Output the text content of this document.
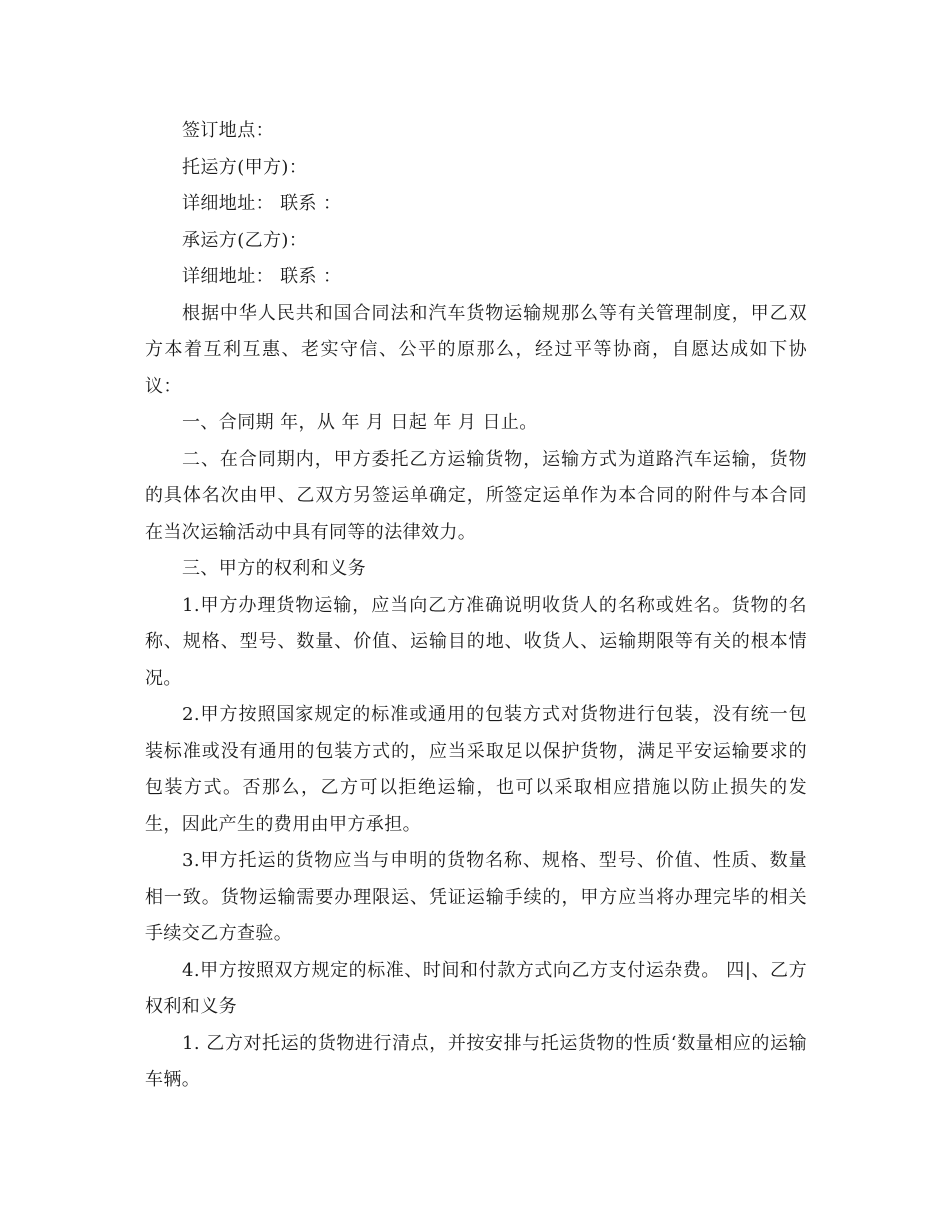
签订地点：

托运方(甲方)：

详细地址： 联系 ：

承运方(乙方)：

详细地址： 联系 ：

根据中华人民共和国合同法和汽车货物运输规那么等有关管理制度，甲乙双方本着互利互惠、老实守信、公平的原那么，经过平等协商，自愿达成如下协议：

一、合同期 年，从 年 月 日起 年 月 日止。

二、在合同期内，甲方委托乙方运输货物，运输方式为道路汽车运输，货物的具体名次由甲、乙双方另签运单确定，所签定运单作为本合同的附件与本合同在当次运输活动中具有同等的法律效力。

三、甲方的权利和义务

1.甲方办理货物运输，应当向乙方准确说明收货人的名称或姓名。货物的名称、规格、型号、数量、价值、运输目的地、收货人、运输期限等有关的根本情况。

2.甲方按照国家规定的标准或通用的包装方式对货物进行包装，没有统一包装标准或没有通用的包装方式的，应当采取足以保护货物，满足平安运输要求的包装方式。否那么，乙方可以拒绝运输，也可以采取相应措施以防止损失的发生，因此产生的费用由甲方承担。

3.甲方托运的货物应当与申明的货物名称、规格、型号、价值、性质、数量相一致。货物运输需要办理限运、凭证运输手续的，甲方应当将办理完毕的相关手续交乙方查验。

4.甲方按照双方规定的标准、时间和付款方式向乙方支付运杂费。 四|、乙方权利和义务

1. 乙方对托运的货物进行清点，并按安排与托运货物的性质‘数量相应的运输车辆。
